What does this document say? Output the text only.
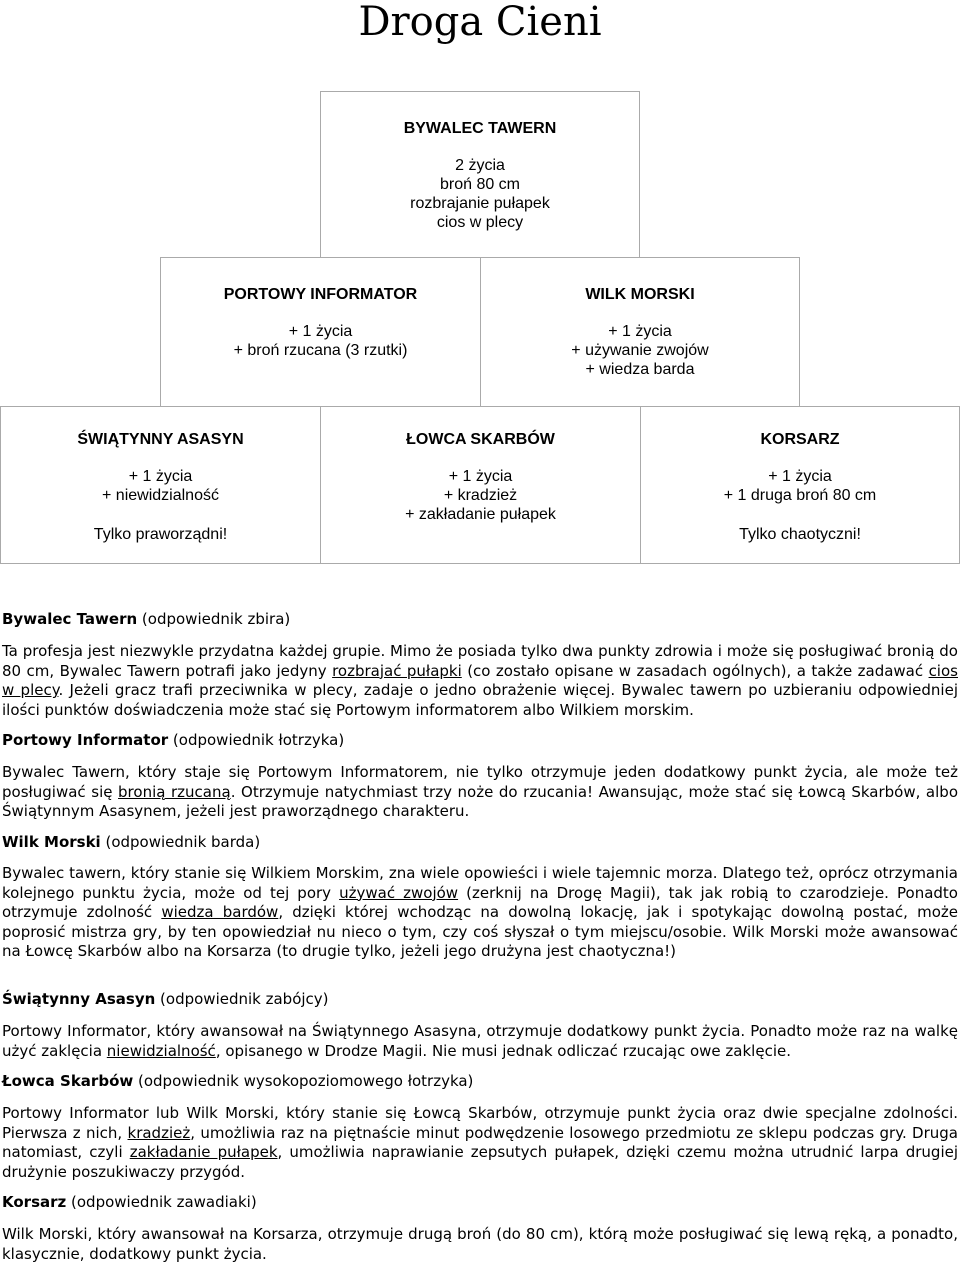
Droga Cieni
BYWALEC TAWERN
2 życia
broń 80 cm
rozbrajanie pułapek
cios w plecy
PORTOWY INFORMATOR
+ 1 życia
+ broń rzucana (3 rzutki)
WILK MORSKI
+ 1 życia
+ używanie zwojów
+ wiedza barda
ŚWIĄTYNNY ASASYN
+ 1 życia
+ niewidzialność
Tylko praworządni!
ŁOWCA SKARBÓW
+ 1 życia
+ kradzież
+ zakładanie pułapek
KORSARZ
+ 1 życia
+ 1 druga broń 80 cm
Tylko chaotyczni!
Bywalec Tawern (odpowiednik zbira)
Ta profesja jest niezwykle przydatna każdej grupie. Mimo że posiada tylko dwa punkty zdrowia i może się posługiwać bronią do 80 cm, Bywalec Tawern potrafi jako jedyny rozbrajać pułapki (co zostało opisane w zasadach ogólnych), a także zadawać cios w plecy. Jeżeli gracz trafi przeciwnika w plecy, zadaje o jedno obrażenie więcej. Bywalec tawern po uzbieraniu odpowiedniej ilości punktów doświadczenia może stać się Portowym informatorem albo Wilkiem morskim.
Portowy Informator (odpowiednik łotrzyka)
Bywalec Tawern, który staje się Portowym Informatorem, nie tylko otrzymuje jeden dodatkowy punkt życia, ale może też posługiwać się bronią rzucaną. Otrzymuje natychmiast trzy noże do rzucania! Awansując, może stać się Łowcą Skarbów, albo Świątynnym Asasynem, jeżeli jest praworządnego charakteru.
Wilk Morski (odpowiednik barda)
Bywalec tawern, który stanie się Wilkiem Morskim, zna wiele opowieści i wiele tajemnic morza. Dlatego też, oprócz otrzymania kolejnego punktu życia, może od tej pory używać zwojów (zerknij na Drogę Magii), tak jak robią to czarodzieje. Ponadto otrzymuje zdolność wiedza bardów, dzięki której wchodząc na dowolną lokację, jak i spotykając dowolną postać, może poprosić mistrza gry, by ten opowiedział nu nieco o tym, czy coś słyszał o tym miejscu/osobie. Wilk Morski może awansować na Łowcę Skarbów albo na Korsarza (to drugie tylko, jeżeli jego drużyna jest chaotyczna!)
Świątynny Asasyn (odpowiednik zabójcy)
Portowy Informator, który awansował na Świątynnego Asasyna, otrzymuje dodatkowy punkt życia. Ponadto może raz na walkę użyć zaklęcia niewidzialność, opisanego w Drodze Magii. Nie musi jednak odliczać rzucając owe zaklęcie.
Łowca Skarbów (odpowiednik wysokopoziomowego łotrzyka)
Portowy Informator lub Wilk Morski, który stanie się Łowcą Skarbów, otrzymuje punkt życia oraz dwie specjalne zdolności. Pierwsza z nich, kradzież, umożliwia raz na piętnaście minut podwędzenie losowego przedmiotu ze sklepu podczas gry. Druga natomiast, czyli zakładanie pułapek, umożliwia naprawianie zepsutych pułapek, dzięki czemu można utrudnić larpa drugiej drużynie poszukiwaczy przygód.
Korsarz (odpowiednik zawadiaki)
Wilk Morski, który awansował na Korsarza, otrzymuje drugą broń (do 80 cm), którą może posługiwać się lewą ręką, a ponadto, klasycznie, dodatkowy punkt życia.
